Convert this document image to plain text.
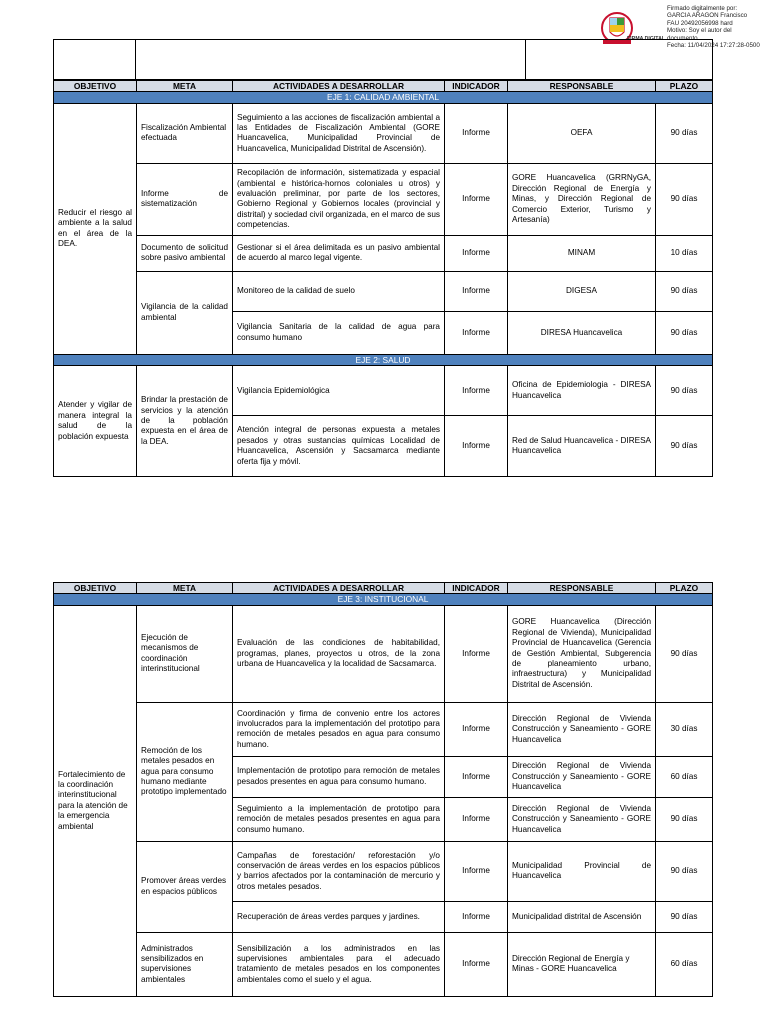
FIRMA DIGITAL
Firmado digitalmente por:
GARCIA ARAGON Francisco
FAU 20492056998 hard
Motivo: Soy el autor del
documento
Fecha: 11/04/2024 17:27:28-0500

OBJETIVO	META	ACTIVIDADES A DESARROLLAR	INDICADOR	RESPONSABLE	PLAZO
EJE 1: CALIDAD AMBIENTAL					
Reducir el riesgo al ambiente a la salud en el área de la DEA.	Fiscalización Ambiental efectuada	Seguimiento a las acciones de fiscalización ambiental a las Entidades de Fiscalización Ambiental (GORE Huancavelica, Municipalidad Provincial de Huancavelica, Municipalidad Distrital de Ascensión).	Informe	OEFA	90 días
	Informe de sistematización	Recopilación de información, sistematizada y espacial (ambiental e histórica-hornos coloniales u otros) y evaluación preliminar, por parte de los sectores, Gobierno Regional y Gobiernos locales (provincial y distrital) y sociedad civil organizada, en el marco de sus competencias.	Informe	GORE Huancavelica (GRRNyGA, Dirección Regional de Energía y Minas, y Dirección Regional de Comercio Exterior, Turismo y Artesanía)	90 días
	Documento de solicitud sobre pasivo ambiental	Gestionar si el área delimitada es un pasivo ambiental de acuerdo al marco legal vigente.	Informe	MINAM	10 días
	Vigilancia de la calidad ambiental	Monitoreo de la calidad de suelo	Informe	DIGESA	90 días
		Vigilancia Sanitaria de la calidad de agua para consumo humano	Informe	DIRESA Huancavelica	90 días
EJE 2: SALUD					
Atender y vigilar de manera integral la salud de la población expuesta	Brindar la prestación de servicios y la atención de la población expuesta en el área de la DEA.	Vigilancia Epidemiológica	Informe	Oficina de Epidemiologia - DIRESA Huancavelica	90 días
		Atención integral de personas expuesta a metales pesados y otras sustancias químicas Localidad de Huancavelica, Ascensión y Sacsamarca mediante oferta fija y móvil.	Informe	Red de Salud Huancavelica - DIRESA Huancavelica	90 días
OBJETIVO	META	ACTIVIDADES A DESARROLLAR	INDICADOR	RESPONSABLE	PLAZO
EJE 3: INSTITUCIONAL					
Fortalecimiento de la coordinación interinstitucional para la atención de la emergencia ambiental	Ejecución de mecanismos de coordinación interinstitucional	Evaluación de las condiciones de habitabilidad, programas, planes, proyectos u otros, de la zona urbana de Huancavelica y la localidad de Sacsamarca.	Informe	GORE Huancavelica (Dirección Regional de Vivienda), Municipalidad Provincial de Huancavelica (Gerencia de Gestión Ambiental, Subgerencia de planeamiento urbano, infraestructura) y Municipalidad Distrital de Ascensión.	90 días
	Remoción de los metales pesados en agua para consumo humano mediante prototipo implementado	Coordinación y firma de convenio entre los actores involucrados para la implementación del prototipo para remoción de metales pesados en agua para consumo humano.	Informe	Dirección Regional de Vivienda Construcción y Saneamiento - GORE Huancavelica	30 días
		Implementación de prototipo para remoción de metales pesados presentes en agua para consumo humano.	Informe	Dirección Regional de Vivienda Construcción y Saneamiento - GORE Huancavelica	60 días
		Seguimiento a la implementación de prototipo para remoción de metales pesados presentes en agua para consumo humano.	Informe	Dirección Regional de Vivienda Construcción y Saneamiento - GORE Huancavelica	90 días
	Promover áreas verdes en espacios públicos	Campañas de forestación/ reforestación y/o conservación de áreas verdes en los espacios públicos y barrios afectados por la contaminación de mercurio y otros metales pesados.	Informe	Municipalidad Provincial de Huancavelica	90 días
		Recuperación de áreas verdes parques y jardines.	Informe	Municipalidad distrital de Ascensión	90 días
	Administrados sensibilizados en supervisiones ambientales	Sensibilización a los administrados en las supervisiones ambientales para el adecuado tratamiento de metales pesados en los componentes ambientales como el suelo y el agua.	Informe	Dirección Regional de Energía y Minas - GORE Huancavelica	60 días
